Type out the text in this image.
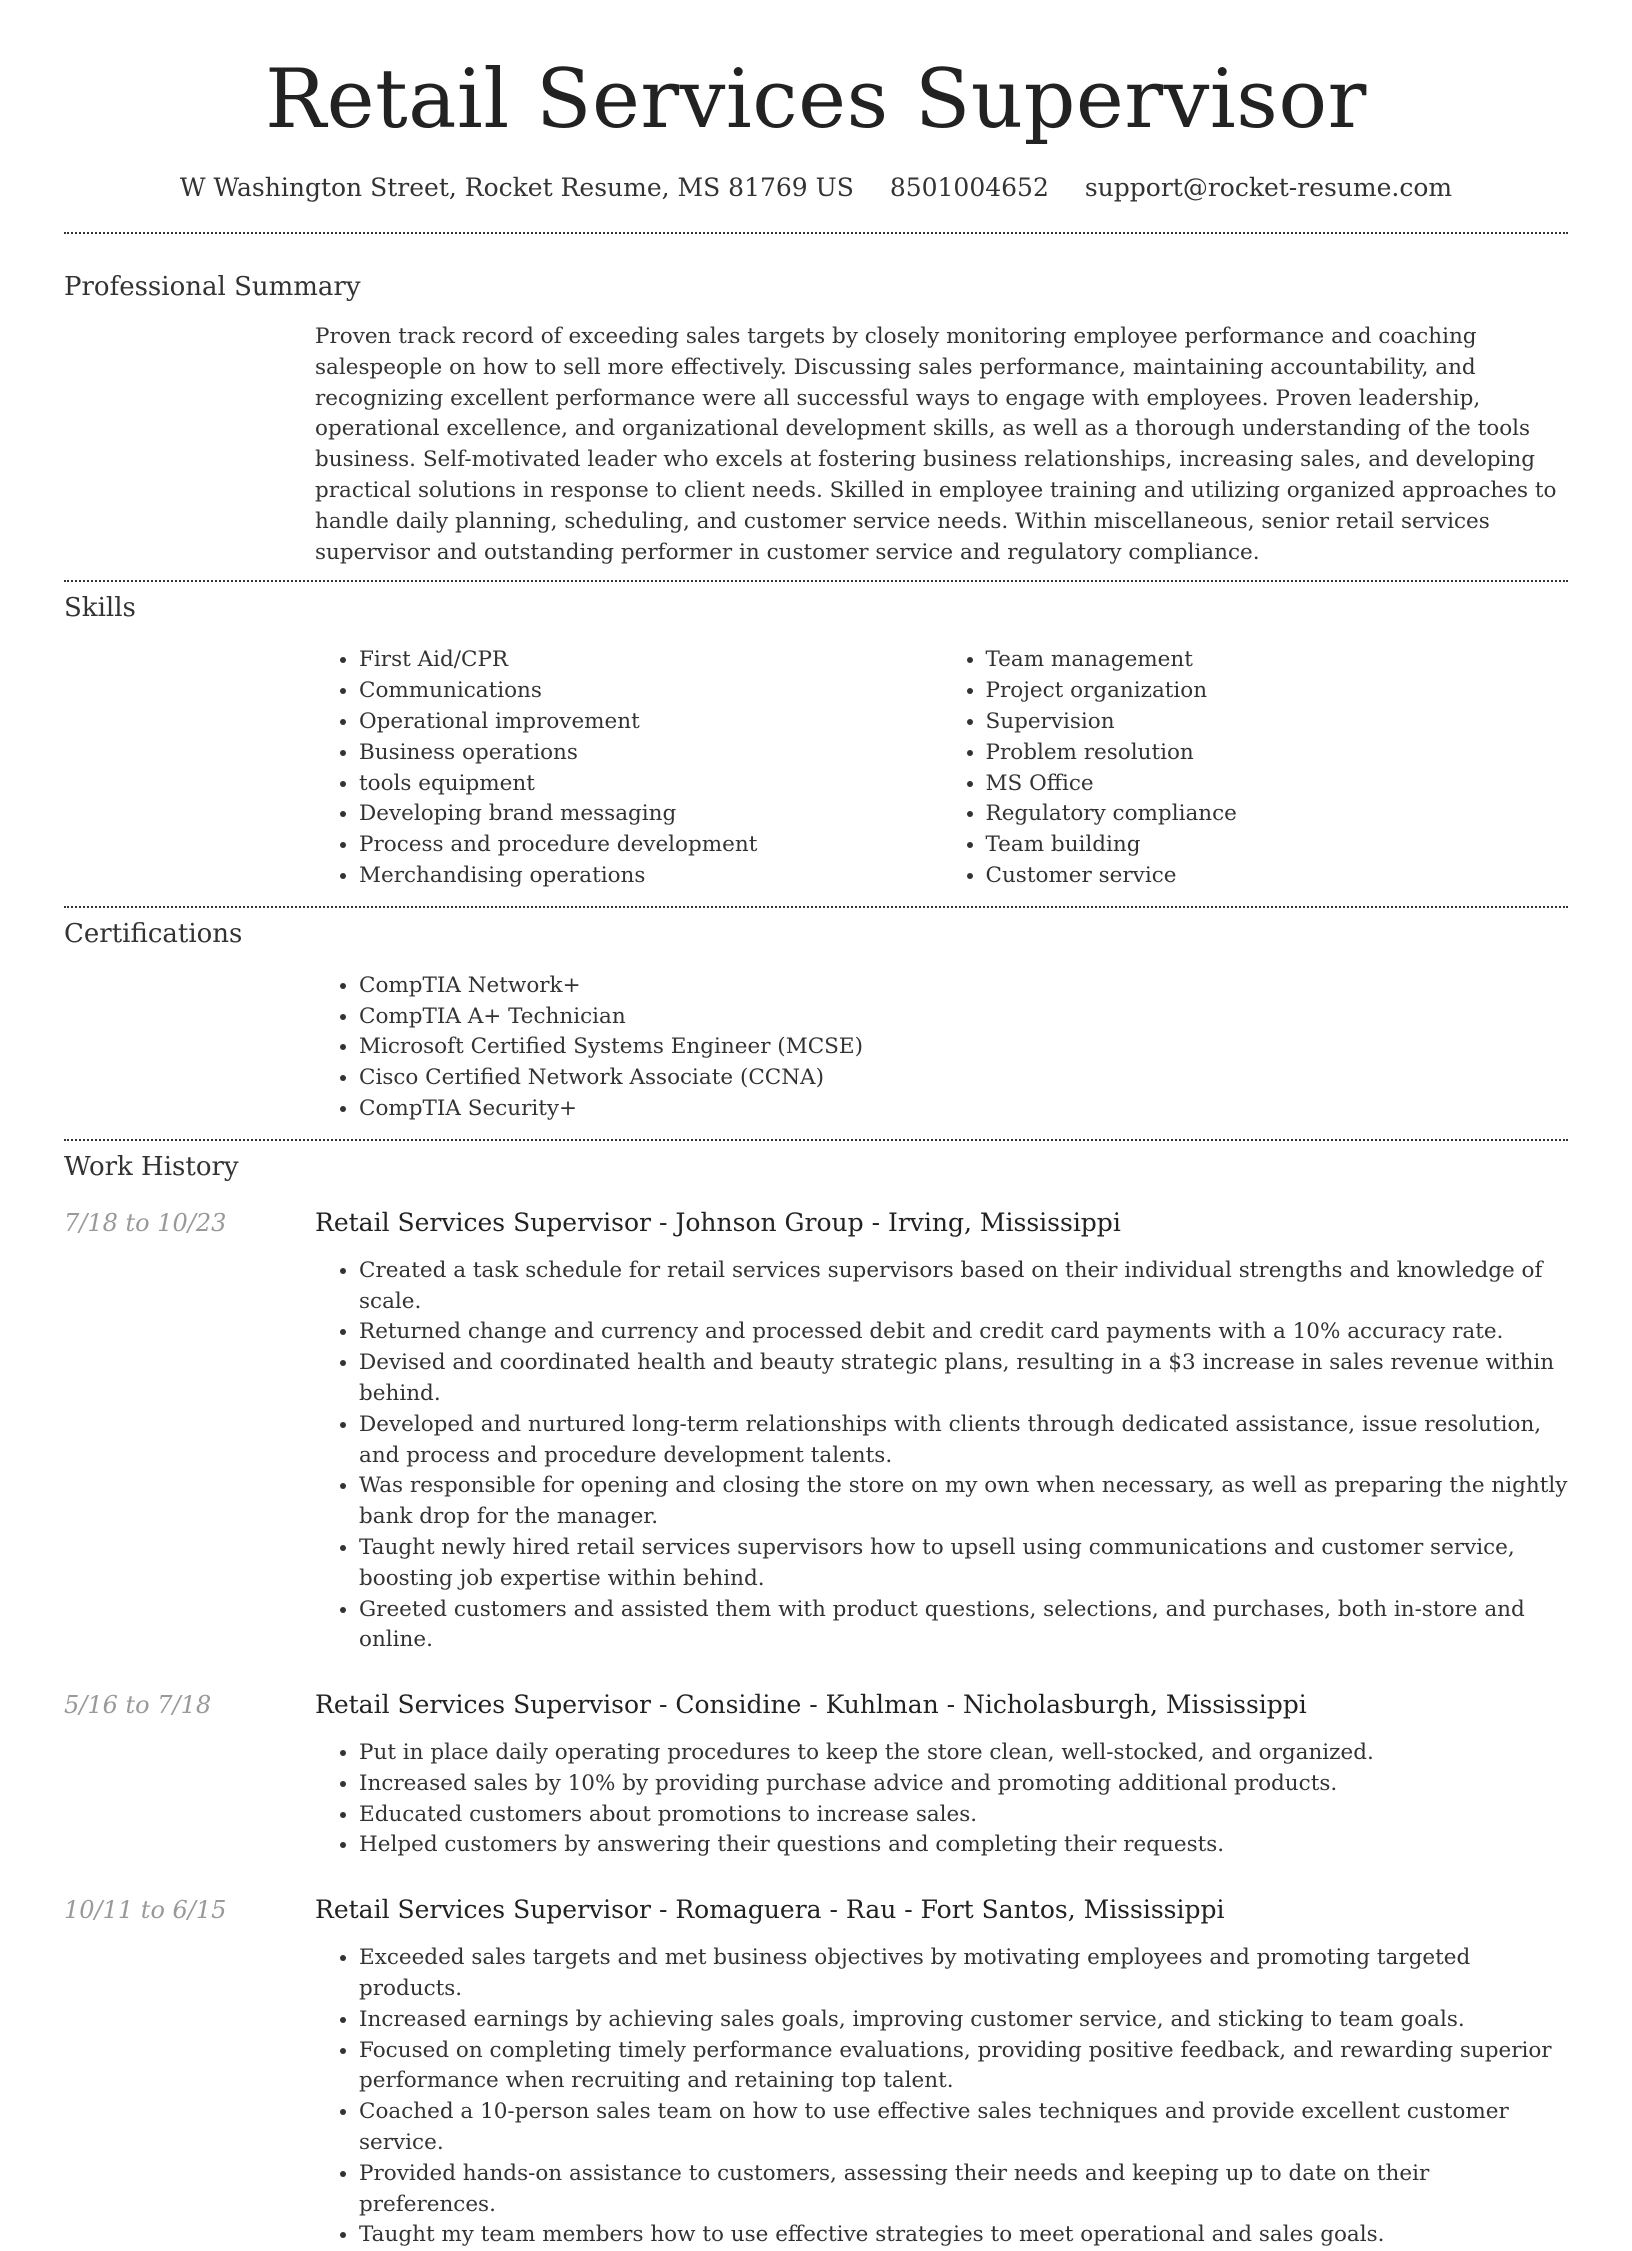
Retail Services Supervisor
W Washington Street, Rocket Resume, MS 81769 US 8501004652 support@rocket-resume.com
Professional Summary

Proven track record of exceeding sales targets by closely monitoring employee performance and coaching salespeople on how to sell more effectively. Discussing sales performance, maintaining accountability, and recognizing excellent performance were all successful ways to engage with employees. Proven leadership, operational excellence, and organizational development skills, as well as a thorough understanding of the tools business. Self-motivated leader who excels at fostering business relationships, increasing sales, and developing practical solutions in response to client needs. Skilled in employee training and utilizing organized approaches to handle daily planning, scheduling, and customer service needs. Within miscellaneous, senior retail services supervisor and outstanding performer in customer service and regulatory compliance.

Skills
• First Aid/CPR
• Communications
• Operational improvement
• Business operations
• tools equipment
• Developing brand messaging
• Process and procedure development
• Merchandising operations
• Team management
• Project organization
• Supervision
• Problem resolution
• MS Office
• Regulatory compliance
• Team building
• Customer service
Certifications
• CompTIA Network+
• CompTIA A+ Technician
• Microsoft Certified Systems Engineer (MCSE)
• Cisco Certified Network Associate (CCNA)
• CompTIA Security+
Work History
7/18 to 10/23	Retail Services Supervisor - Johnson Group - Irving, Mississippi
• Created a task schedule for retail services supervisors based on their individual strengths and knowledge of scale.
• Returned change and currency and processed debit and credit card payments with a 10% accuracy rate.
• Devised and coordinated health and beauty strategic plans, resulting in a $3 increase in sales revenue within behind.
• Developed and nurtured long-term relationships with clients through dedicated assistance, issue resolution, and process and procedure development talents.
• Was responsible for opening and closing the store on my own when necessary, as well as preparing the nightly bank drop for the manager.
• Taught newly hired retail services supervisors how to upsell using communications and customer service, boosting job expertise within behind.
• Greeted customers and assisted them with product questions, selections, and purchases, both in-store and online.
5/16 to 7/18	Retail Services Supervisor - Considine - Kuhlman - Nicholasburgh, Mississippi
• Put in place daily operating procedures to keep the store clean, well-stocked, and organized.
• Increased sales by 10% by providing purchase advice and promoting additional products.
• Educated customers about promotions to increase sales.
• Helped customers by answering their questions and completing their requests.
10/11 to 6/15	Retail Services Supervisor - Romaguera - Rau - Fort Santos, Mississippi
• Exceeded sales targets and met business objectives by motivating employees and promoting targeted products.
• Increased earnings by achieving sales goals, improving customer service, and sticking to team goals.
• Focused on completing timely performance evaluations, providing positive feedback, and rewarding superior performance when recruiting and retaining top talent.
• Coached a 10-person sales team on how to use effective sales techniques and provide excellent customer service.
• Provided hands-on assistance to customers, assessing their needs and keeping up to date on their preferences.
• Taught my team members how to use effective strategies to meet operational and sales goals.
